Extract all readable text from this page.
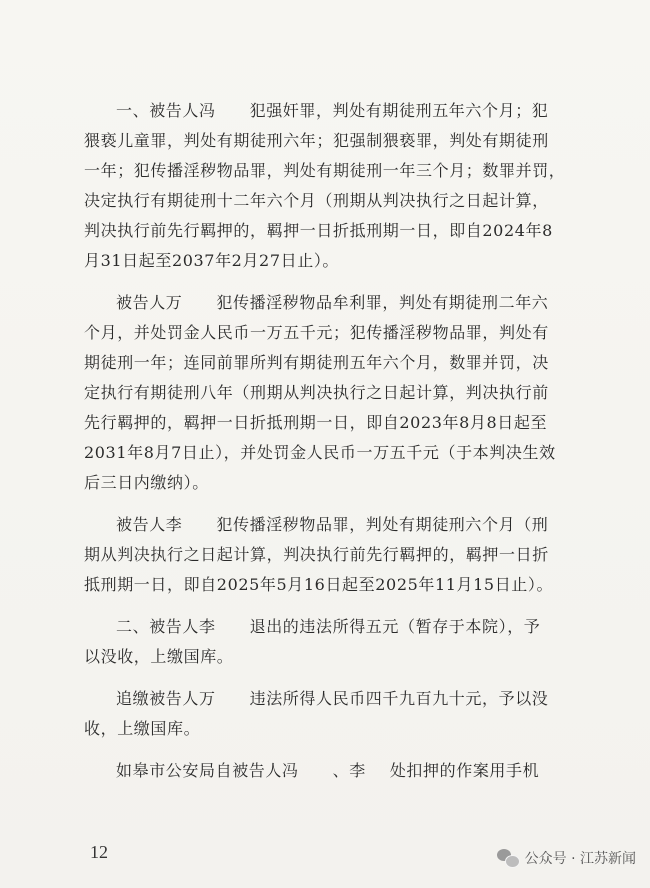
一、被告人冯 犯强奸罪，判处有期徒刑五年六个月；犯
猥亵儿童罪，判处有期徒刑六年；犯强制猥亵罪，判处有期徒刑
一年；犯传播淫秽物品罪，判处有期徒刑一年三个月；数罪并罚，
决定执行有期徒刑十二年六个月（刑期从判决执行之日起计算，
判决执行前先行羁押的，羁押一日折抵刑期一日，即自2024年8
月31日起至2037年2月27日止）。
被告人万 犯传播淫秽物品牟利罪，判处有期徒刑二年六
个月，并处罚金人民币一万五千元；犯传播淫秽物品罪，判处有
期徒刑一年；连同前罪所判有期徒刑五年六个月，数罪并罚，决
定执行有期徒刑八年（刑期从判决执行之日起计算，判决执行前
先行羁押的，羁押一日折抵刑期一日，即自2023年8月8日起至
2031年8月7日止），并处罚金人民币一万五千元（于本判决生效
后三日内缴纳）。
被告人李 犯传播淫秽物品罪，判处有期徒刑六个月（刑
期从判决执行之日起计算，判决执行前先行羁押的，羁押一日折
抵刑期一日，即自2025年5月16日起至2025年11月15日止）。
二、被告人李 退出的违法所得五元（暂存于本院），予
以没收，上缴国库。
追缴被告人万 违法所得人民币四千九百九十元，予以没
收，上缴国库。
如皋市公安局自被告人冯 、李 处扣押的作案用手机
12	公众号 · 江苏新闻
